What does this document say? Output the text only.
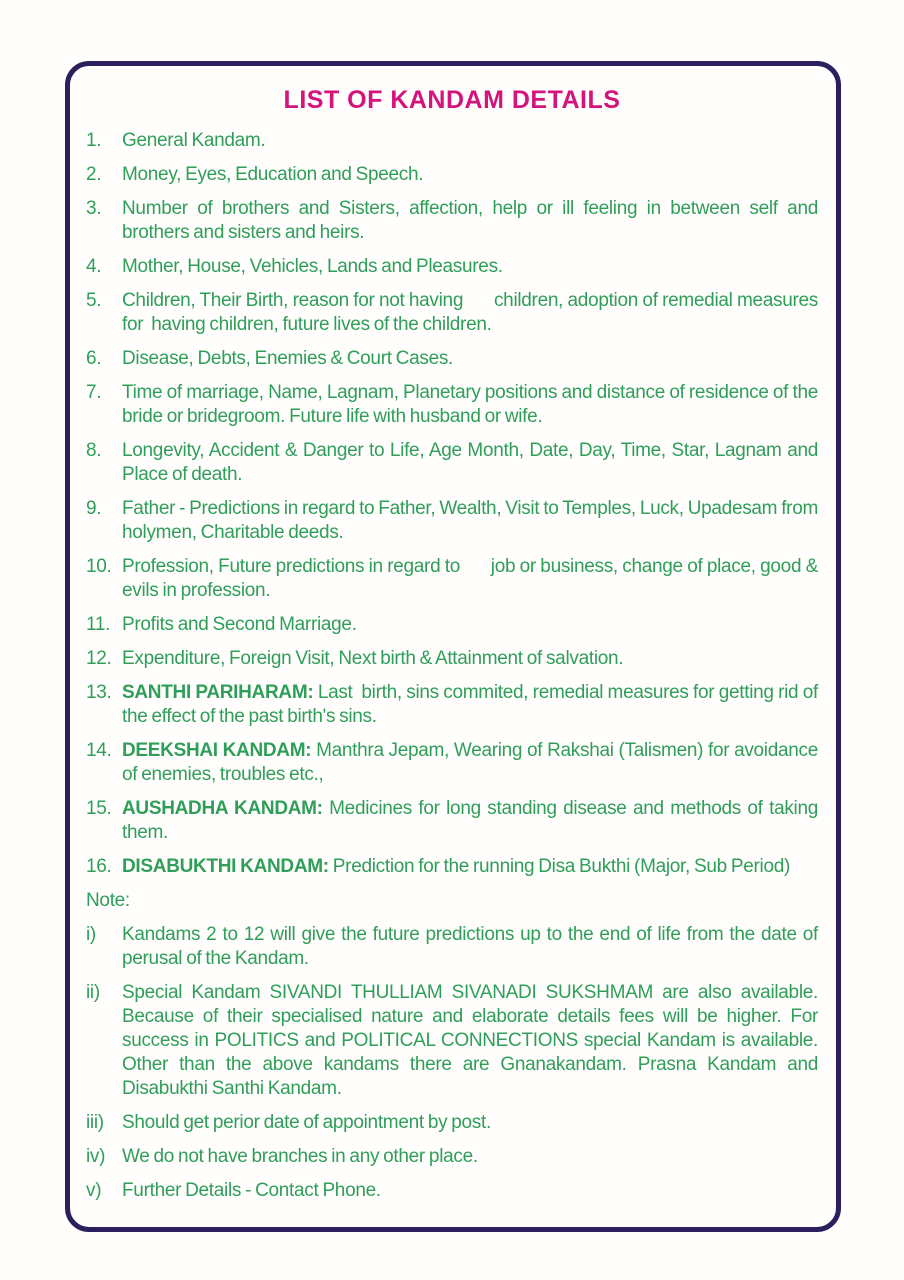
LIST OF KANDAM DETAILS
1.	General Kandam.
2.	Money, Eyes, Education and Speech.
3.	Number of brothers and Sisters, affection, help or ill feeling in between self and brothers and sisters and heirs.
4.	Mother, House, Vehicles, Lands and Pleasures.
5.	Children, Their Birth, reason for not having       children, adoption of remedial measures for  having children, future lives of the children.
6.	Disease, Debts, Enemies & Court Cases.
7.	Time of marriage, Name, Lagnam, Planetary positions and distance of residence of the bride or bridegroom. Future life with husband or wife.
8.	Longevity, Accident & Danger to Life, Age Month, Date, Day, Time, Star, Lagnam and Place of death.
9.	Father - Predictions in regard to Father, Wealth, Visit to Temples, Luck, Upadesam from holymen, Charitable deeds.
10. Profession, Future predictions in regard to       job or business, change of place, good & evils in profession.
11. Profits and Second Marriage.
12. Expenditure, Foreign Visit, Next birth & Attainment of salvation.
13. SANTHI PARIHARAM: Last  birth, sins commited, remedial measures for getting rid of the effect of the past birth's sins.
14. DEEKSHAI KANDAM: Manthra Jepam, Wearing of Rakshai (Talismen) for avoidance of enemies, troubles etc.,
15. AUSHADHA KANDAM: Medicines for long standing disease and methods of taking them.
16. DISABUKTHI KANDAM: Prediction for the running Disa Bukthi (Major, Sub Period)
Note:
i)	Kandams 2 to 12 will give the future predictions up to the end of life from the date of perusal of the Kandam.
ii)	Special Kandam SIVANDI THULLIAM SIVANADI SUKSHMAM are also available. Because of their specialised nature and elaborate details fees will be higher. For success in POLITICS and POLITICAL CONNECTIONS special Kandam is available. Other than the above kandams there are Gnanakandam. Prasna Kandam and Disabukthi Santhi Kandam.
iii) Should get perior date of appointment by post.
iv) We do not have branches in any other place.
v)	Further Details - Contact Phone.
